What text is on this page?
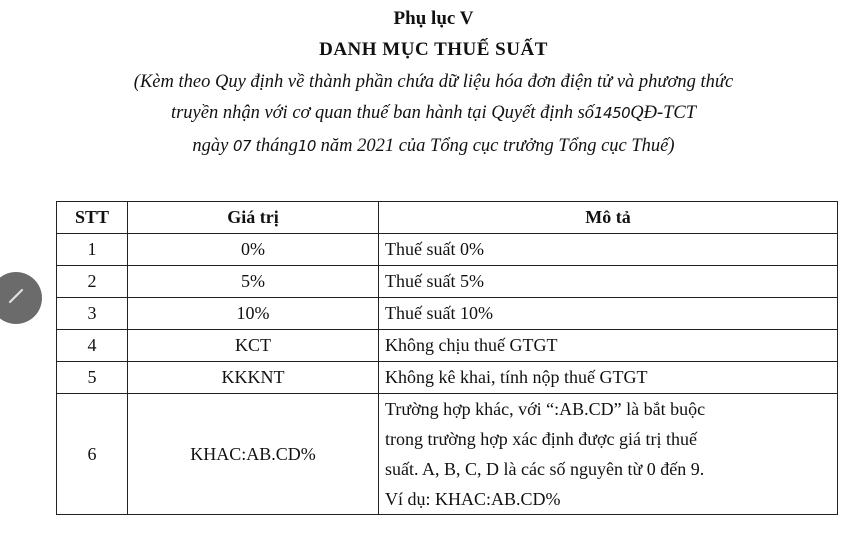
Phụ lục V
DANH MỤC THUẾ SUẤT
(Kèm theo Quy định về thành phần chứa dữ liệu hóa đơn điện tử và phương thức
truyền nhận với cơ quan thuế ban hành tại Quyết định số1450QĐ-TCT
ngày 07 tháng10 năm 2021 của Tổng cục trưởng Tổng cục Thuế)
STT	Giá trị	Mô tả
1	0%	Thuế suất 0%
2	5%	Thuế suất 5%
3	10%	Thuế suất 10%
4	KCT	Không chịu thuế GTGT
5	KKKNT	Không kê khai, tính nộp thuế GTGT
6	KHAC:AB.CD%	Trường hợp khác, với “:AB.CD” là bắt buộc
trong trường hợp xác định được giá trị thuế
suất. A, B, C, D là các số nguyên từ 0 đến 9.
Ví dụ: KHAC:AB.CD%
